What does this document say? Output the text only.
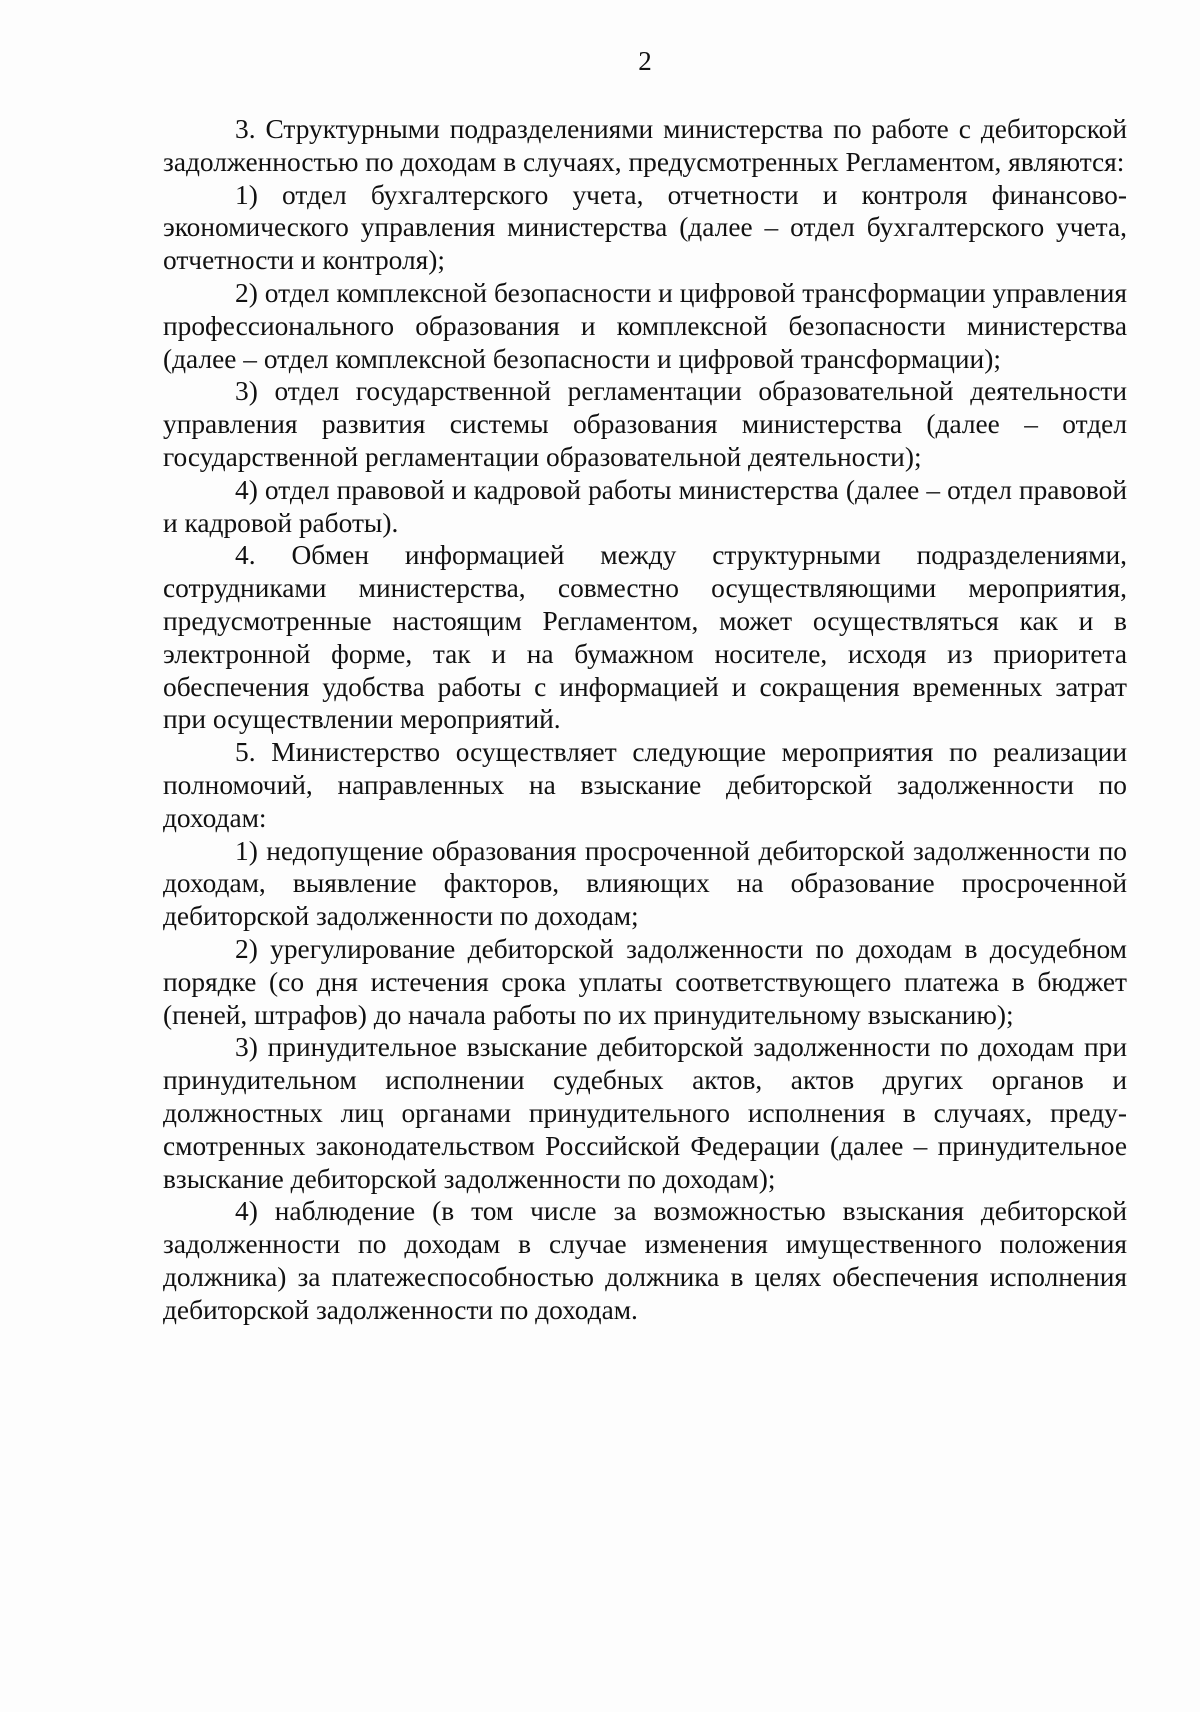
2

3. Структурными подразделениями министерства по работе с дебиторской задолженностью по доходам в случаях, предусмотренных Регламентом, являются:

1) отдел бухгалтерского учета, отчетности и контроля финансово-экономического управления министерства (далее – отдел бухгалтерского учета, отчетности и контроля);

2) отдел комплексной безопасности и цифровой трансформации управления профессионального образования и комплексной безопасности министерства (далее – отдел комплексной безопасности и цифровой трансформации);

3) отдел государственной регламентации образовательной деятельности управления развития системы образования министерства (далее – отдел государственной регламентации образовательной деятельности);

4) отдел правовой и кадровой работы министерства (далее – отдел правовой и кадровой работы).

4. Обмен информацией между структурными подразделениями, сотрудниками министерства, совместно осуществляющими мероприятия, предусмотренные настоящим Регламентом, может осуществляться как и в электронной форме, так и на бумажном носителе, исходя из приоритета обеспечения удобства работы с информацией и сокращения временных затрат при осуществлении мероприятий.

5. Министерство осуществляет следующие мероприятия по реализации полномочий, направленных на взыскание дебиторской задолженности по доходам:

1) недопущение образования просроченной дебиторской задолженности по доходам, выявление факторов, влияющих на образование просроченной дебиторской задолженности по доходам;

2) урегулирование дебиторской задолженности по доходам в досудебном порядке (со дня истечения срока уплаты соответствующего платежа в бюджет (пеней, штрафов) до начала работы по их принудительному взысканию);

3) принудительное взыскание дебиторской задолженности по доходам при принудительном исполнении судебных актов, актов других органов и должностных лиц органами принудительного исполнения в случаях, предусмотренных законодательством Российской Федерации (далее – принудительное взыскание дебиторской задолженности по доходам);

4) наблюдение (в том числе за возможностью взыскания дебиторской задолженности по доходам в случае изменения имущественного положения должника) за платежеспособностью должника в целях обеспечения исполнения дебиторской задолженности по доходам.
